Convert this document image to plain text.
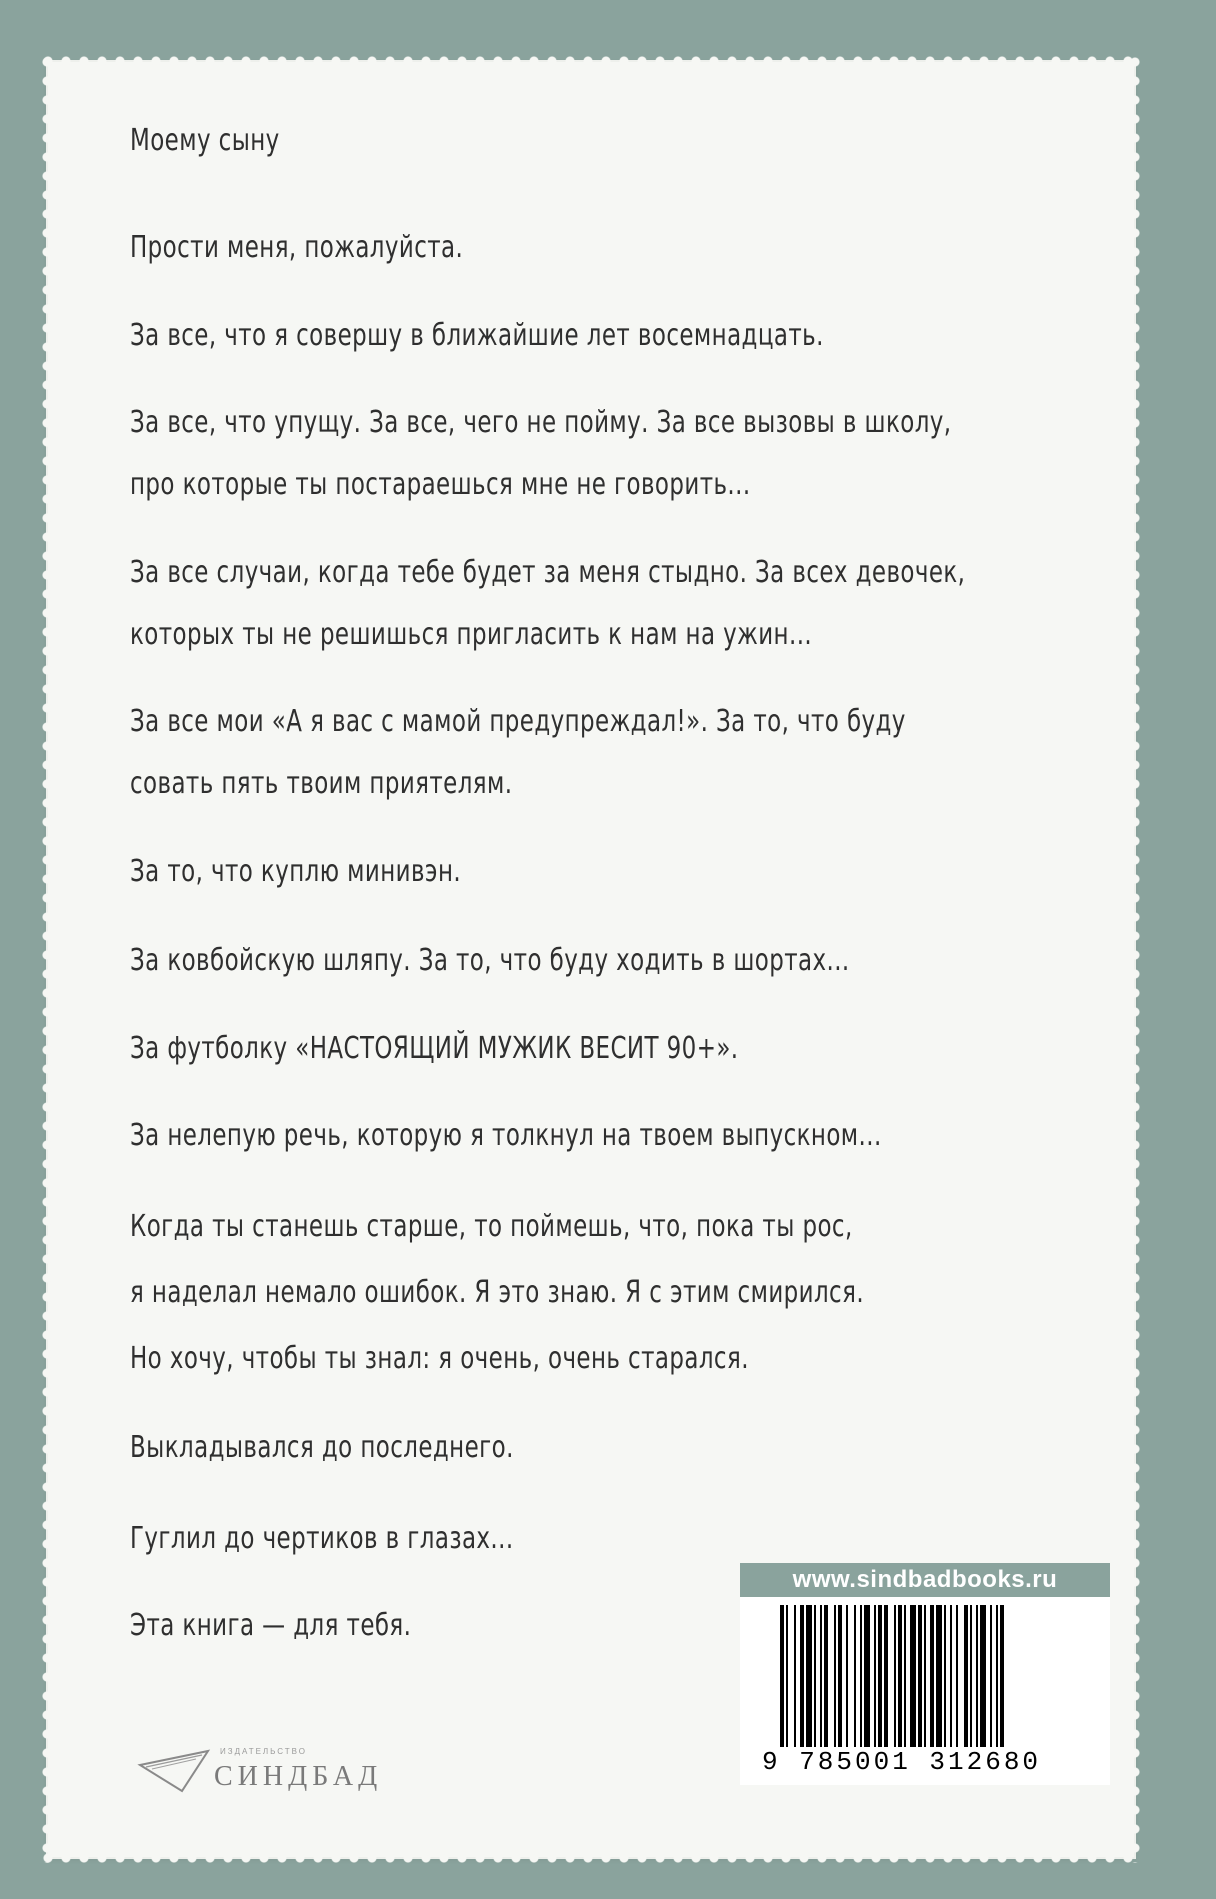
Моему сыну

Прости меня, пожалуйста.

За все, что я совершу в ближайшие лет восемнадцать.

За все, что упущу. За все, чего не пойму. За все вызовы в школу,

про которые ты постараешься мне не говорить...

За все случаи, когда тебе будет за меня стыдно. За всех девочек,

которых ты не решишься пригласить к нам на ужин...

За все мои «А я вас с мамой предупреждал!». За то, что буду

совать пять твоим приятелям.

За то, что куплю минивэн.

За ковбойскую шляпу. За то, что буду ходить в шортах...

За футболку «НАСТОЯЩИЙ МУЖИК ВЕСИТ 90+».

За нелепую речь, которую я толкнул на твоем выпускном...

Когда ты станешь старше, то поймешь, что, пока ты рос,

я наделал немало ошибок. Я это знаю. Я с этим смирился.

Но хочу, чтобы ты знал: я очень, очень старался.

Выкладывался до последнего.

Гуглил до чертиков в глазах...

Эта книга — для тебя.

www.sindbadbooks.ru
9 785001 312680
ИЗДАТЕЛЬСТВО
СИНДБАД
